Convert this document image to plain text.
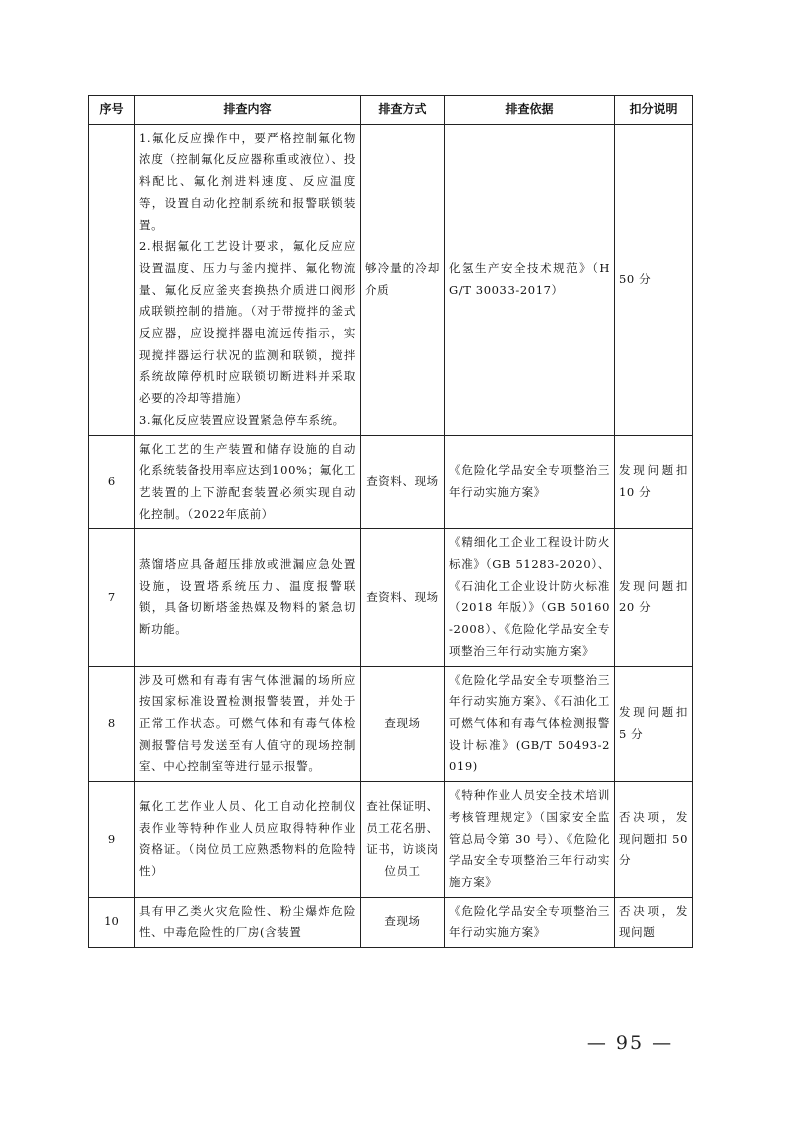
序号	排查内容	排查方式	排查依据	扣分说明

	1.氟化反应操作中，要严格控制氟化物浓度（控制氟化反应器称重或液位）、投料配比、氟化剂进料速度、反应温度等，设置自动化控制系统和报警联锁装置。
2.根据氟化工艺设计要求，氟化反应应设置温度、压力与釜内搅拌、氟化物流量、氟化反应釜夹套换热介质进口阀形成联锁控制的措施。（对于带搅拌的釜式反应器，应设搅拌器电流远传指示，实现搅拌器运行状况的监测和联锁，搅拌系统故障停机时应联锁切断进料并采取必要的冷却等措施）
3.氟化反应装置应设置紧急停车系统。	够冷量的冷却介质	化氢生产安全技术规范》（HG/T 30033-2017）	50 分
6	氟化工艺的生产装置和储存设施的自动化系统装备投用率应达到100%；氟化工艺装置的上下游配套装置必须实现自动化控制。（2022年底前）	查资料、现场	《危险化学品安全专项整治三年行动实施方案》	发现问题扣 10 分
7	蒸馏塔应具备超压排放或泄漏应急处置设施，设置塔系统压力、温度报警联锁，具备切断塔釜热媒及物料的紧急切断功能。	查资料、现场	《精细化工企业工程设计防火标准》（GB 51283-2020）、《石油化工企业设计防火标准（2018 年版）》（GB 50160-2008）、《危险化学品安全专项整治三年行动实施方案》	发现问题扣 20 分
8	涉及可燃和有毒有害气体泄漏的场所应按国家标准设置检测报警装置，并处于正常工作状态。可燃气体和有毒气体检测报警信号发送至有人值守的现场控制室、中心控制室等进行显示报警。	查现场	《危险化学品安全专项整治三年行动实施方案》、《石油化工可燃气体和有毒气体检测报警设计标准》(GB/T 50493-2019)	发现问题扣 5 分
9	氟化工艺作业人员、化工自动化控制仪表作业等特种作业人员应取得特种作业资格证。（岗位员工应熟悉物料的危险特性）	查社保证明、员工花名册、证书，访谈岗位员工	《特种作业人员安全技术培训考核管理规定》（国家安全监管总局令第 30 号）、《危险化学品安全专项整治三年行动实施方案》	否决项，发现问题扣 50 分
10	具有甲乙类火灾危险性、粉尘爆炸危险性、中毒危险性的厂房(含装置	查现场	《危险化学品安全专项整治三年行动实施方案》	否决项，发现问题
— 95 —
